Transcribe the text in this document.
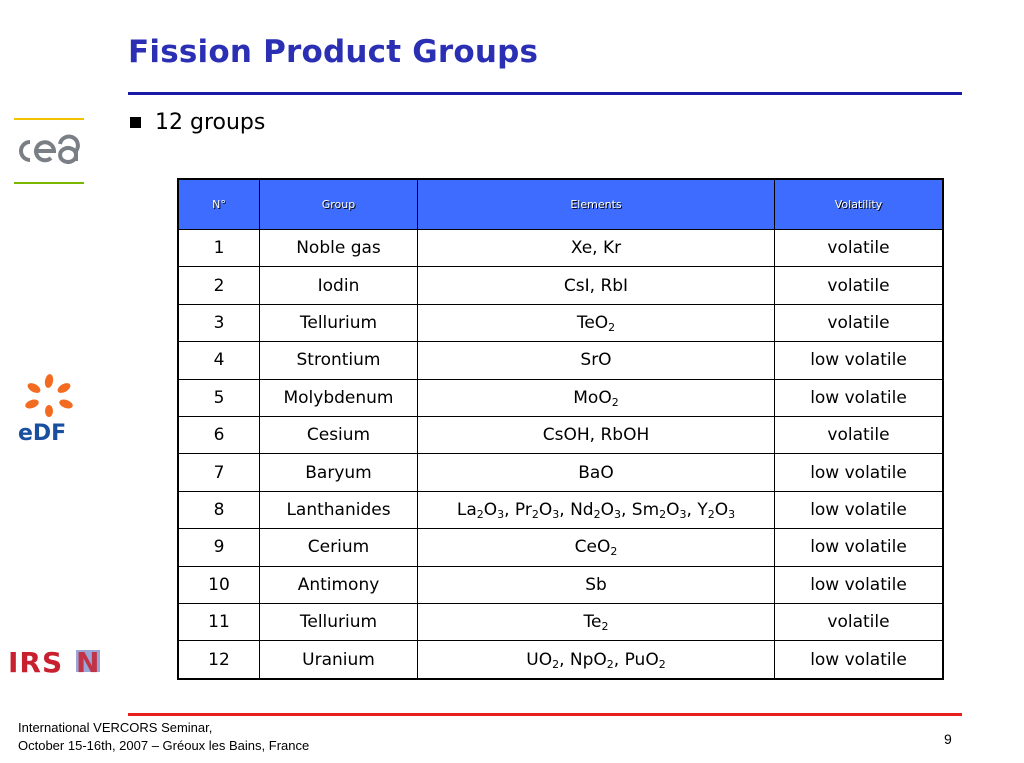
Fission Product Groups
12 groups
eDF
IRS N
N°	Group	Elements	Volatility
1	Noble gas	Xe, Kr	volatile
2	Iodin	CsI, RbI	volatile
3	Tellurium	TeO$_2$	volatile
4	Strontium	SrO	low volatile
5	Molybdenum	MoO$_2$	low volatile
6	Cesium	CsOH, RbOH	volatile
7	Baryum	BaO	low volatile
8	Lanthanides	$La_2O_3$, $Pr_2O_3$, $Nd_2O_3$, $Sm_2O_3$, $Y_2O_3$	low volatile
9	Cerium	CeO$_2$	low volatile
10	Antimony	Sb	low volatile
11	Tellurium	$Te_2$	volatile
12	Uranium	$UO_2$, NpO$_2$, PuO$_2$	low volatile
International VERCORS Seminar,
October 15-16th, 2007 – Gréoux les Bains, France	9
